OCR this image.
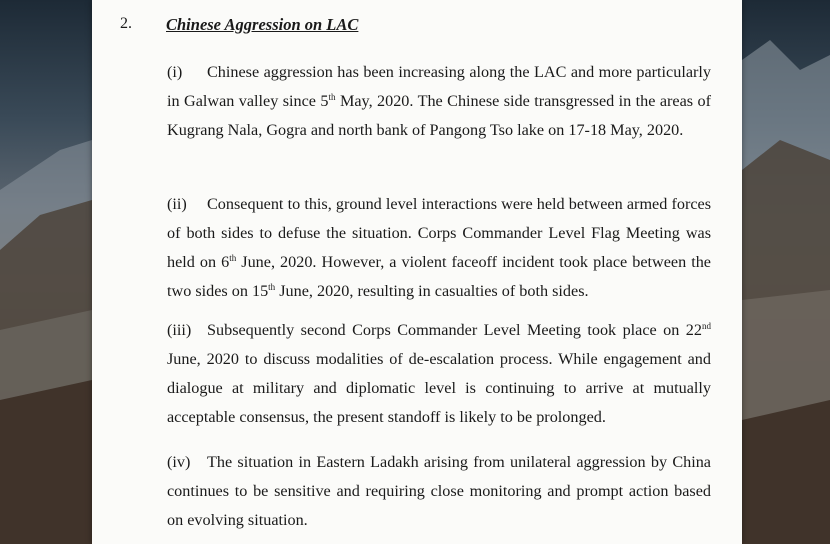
2. Chinese Aggression on LAC
(i) Chinese aggression has been increasing along the LAC and more particularly in Galwan valley since 5th May, 2020. The Chinese side transgressed in the areas of Kugrang Nala, Gogra and north bank of Pangong Tso lake on 17-18 May, 2020.
(ii) Consequent to this, ground level interactions were held between armed forces of both sides to defuse the situation. Corps Commander Level Flag Meeting was held on 6th June, 2020. However, a violent faceoff incident took place between the two sides on 15th June, 2020, resulting in casualties of both sides.
(iii) Subsequently second Corps Commander Level Meeting took place on 22nd June, 2020 to discuss modalities of de-escalation process. While engagement and dialogue at military and diplomatic level is continuing to arrive at mutually acceptable consensus, the present standoff is likely to be prolonged.
(iv) The situation in Eastern Ladakh arising from unilateral aggression by China continues to be sensitive and requiring close monitoring and prompt action based on evolving situation.
